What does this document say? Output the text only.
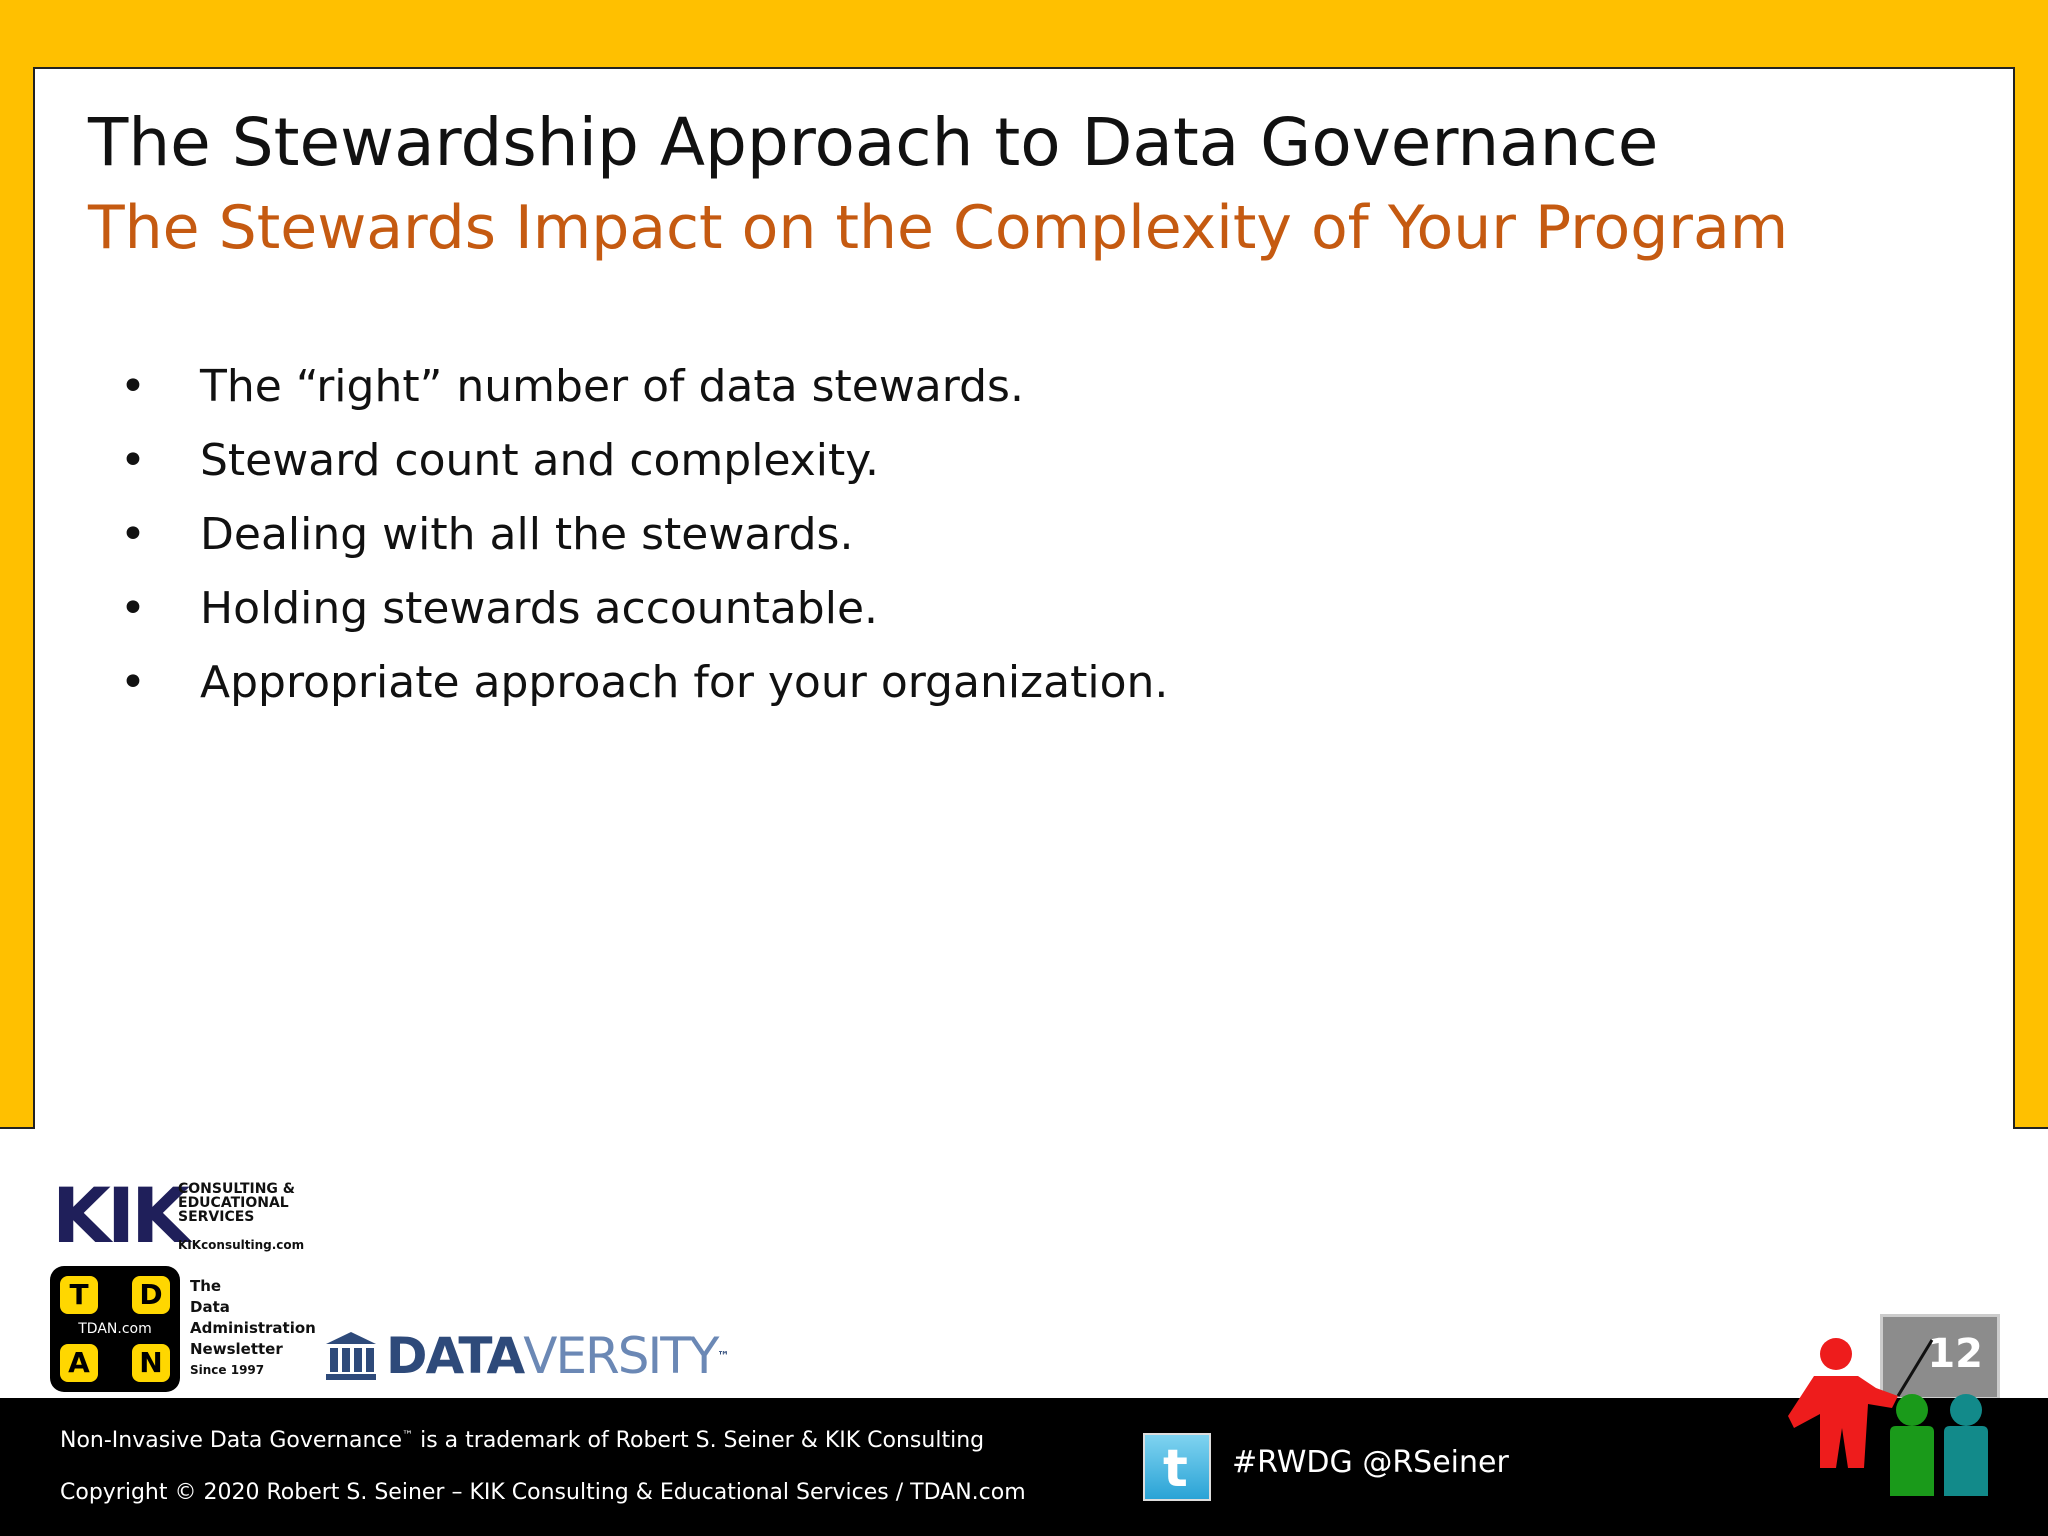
The Stewardship Approach to Data Governance
The Stewards Impact on the Complexity of Your Program
• The “right” number of data stewards.
• Steward count and complexity.
• Dealing with all the stewards.
• Holding stewards accountable.
• Appropriate approach for your organization.
KIK
CONSULTING & EDUCATIONAL SERVICES
KIKconsulting.com
T	D
TDAN.com
A N
The
Data
Administration
Newsletter
Since 1997	DATAVERSITY™	12
Non-Invasive Data Governance™ is a trademark of Robert S. Seiner & KIK Consulting
Copyright © 2020 Robert S. Seiner – KIK Consulting & Educational Services / TDAN.com	t #RWDG @RSeiner
